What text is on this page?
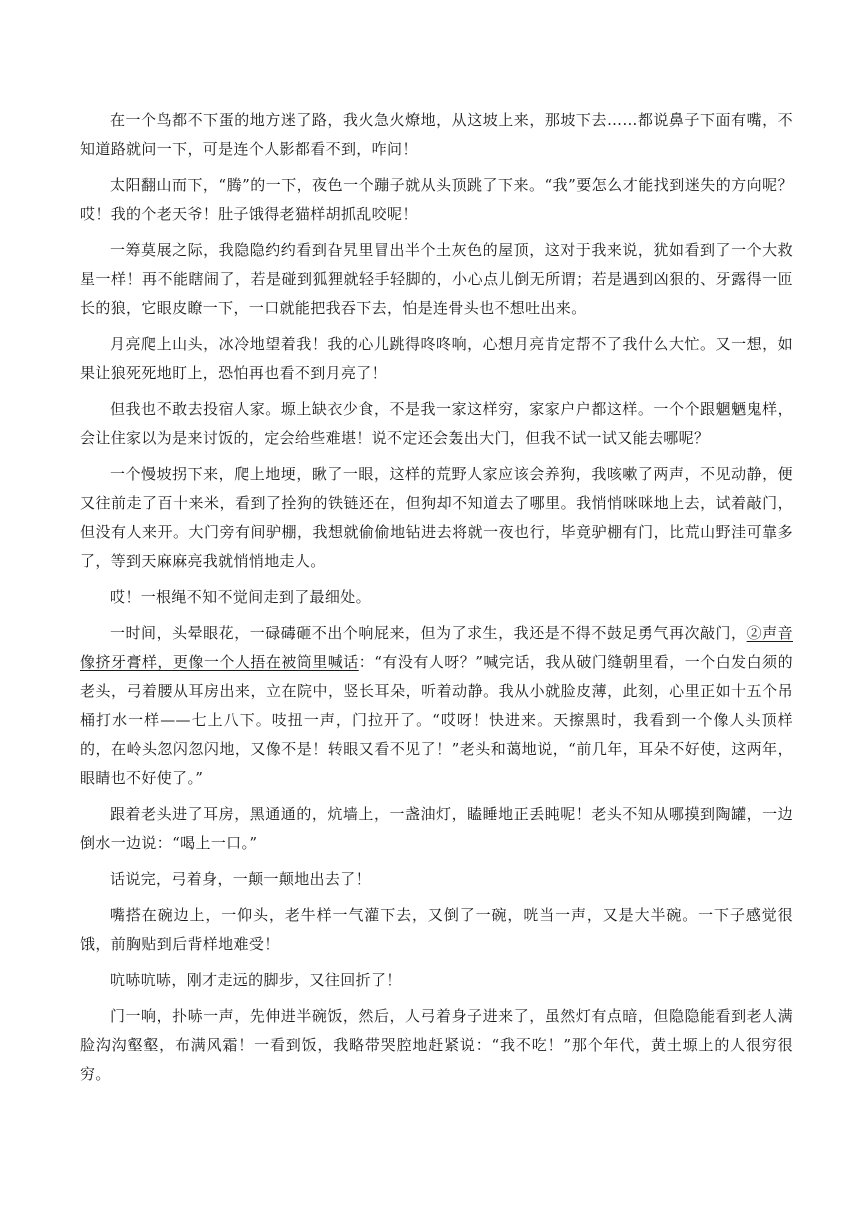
在一个鸟都不下蛋的地方迷了路，我火急火燎地，从这坡上来，那坡下去……都说鼻子下面有嘴，不知道路就问一下，可是连个人影都看不到，咋问！

太阳翻山而下，“腾”的一下，夜色一个蹦子就从头顶跳了下来。“我”要怎么才能找到迷失的方向呢？哎！我的个老天爷！肚子饿得老猫样胡抓乱咬呢！

一筹莫展之际，我隐隐约约看到旮旯里冒出半个土灰色的屋顶，这对于我来说，犹如看到了一个大救星一样！再不能瞎闹了，若是碰到狐狸就轻手轻脚的，小心点儿倒无所谓；若是遇到凶狠的、牙露得一匝长的狼，它眼皮瞭一下，一口就能把我吞下去，怕是连骨头也不想吐出来。

月亮爬上山头，冰冷地望着我！我的心儿跳得咚咚响，心想月亮肯定帮不了我什么大忙。又一想，如果让狼死死地盯上，恐怕再也看不到月亮了！

但我也不敢去投宿人家。塬上缺衣少食，不是我一家这样穷，家家户户都这样。一个个跟魍魉鬼样，会让住家以为是来讨饭的，定会给些难堪！说不定还会轰出大门，但我不试一试又能去哪呢？

一个慢坡拐下来，爬上地埂，瞅了一眼，这样的荒野人家应该会养狗，我咳嗽了两声，不见动静，便又往前走了百十来米，看到了拴狗的铁链还在，但狗却不知道去了哪里。我悄悄咪咪地上去，试着敲门，但没有人来开。大门旁有间驴棚，我想就偷偷地钻进去将就一夜也行，毕竟驴棚有门，比荒山野洼可靠多了，等到天麻麻亮我就悄悄地走人。

哎！一根绳不知不觉间走到了最细处。

一时间，头晕眼花，一碌碡砸不出个响屁来，但为了求生，我还是不得不鼓足勇气再次敲门，②声音像挤牙膏样，更像一个人捂在被筒里喊话：“有没有人呀？”喊完话，我从破门缝朝里看，一个白发白须的老头，弓着腰从耳房出来，立在院中，竖长耳朵，听着动静。我从小就脸皮薄，此刻，心里正如十五个吊桶打水一样——七上八下。吱扭一声，门拉开了。“哎呀！快进来。天擦黑时，我看到一个像人头顶样的，在岭头忽闪忽闪地，又像不是！转眼又看不见了！”老头和蔼地说，“前几年，耳朵不好使，这两年，眼睛也不好使了。”

跟着老头进了耳房，黑通通的，炕墙上，一盏油灯，瞌睡地正丢盹呢！老头不知从哪摸到陶罐，一边倒水一边说：“喝上一口。”

话说完，弓着身，一颠一颠地出去了！

嘴搭在碗边上，一仰头，老牛样一气灌下去，又倒了一碗，咣当一声，又是大半碗。一下子感觉很饿，前胸贴到后背样地难受！

吭哧吭哧，刚才走远的脚步，又往回折了！

门一响，扑哧一声，先伸进半碗饭，然后，人弓着身子进来了，虽然灯有点暗，但隐隐能看到老人满脸沟沟壑壑，布满风霜！一看到饭，我略带哭腔地赶紧说：“我不吃！”那个年代，黄土塬上的人很穷很穷。
